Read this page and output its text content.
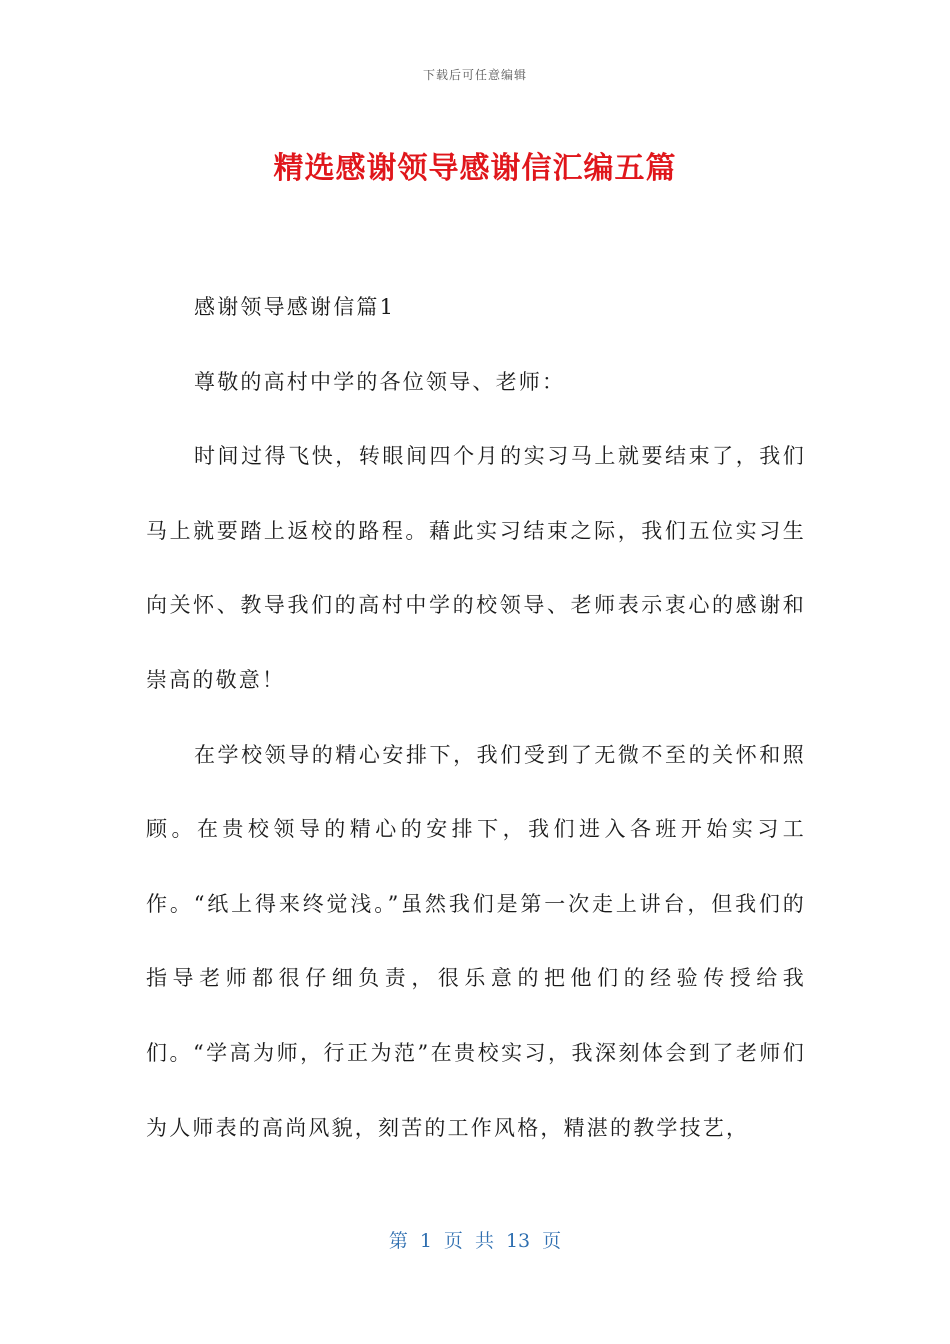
下载后可任意编辑
精选感谢领导感谢信汇编五篇

感谢领导感谢信篇1

尊敬的高村中学的各位领导、老师：

时间过得飞快，转眼间四个月的实习马上就要结束了，我们马上就要踏上返校的路程。藉此实习结束之际，我们五位实习生向关怀、教导我们的高村中学的校领导、老师表示衷心的感谢和崇高的敬意！

在学校领导的精心安排下，我们受到了无微不至的关怀和照顾。在贵校领导的精心的安排下，我们进入各班开始实习工作。“纸上得来终觉浅。”虽然我们是第一次走上讲台，但我们的指导老师都很仔细负责，很乐意的把他们的经验传授给我们。“学高为师，行正为范”在贵校实习，我深刻体会到了老师们为人师表的高尚风貌，刻苦的工作风格，精湛的教学技艺，

第 1 页 共 13 页
